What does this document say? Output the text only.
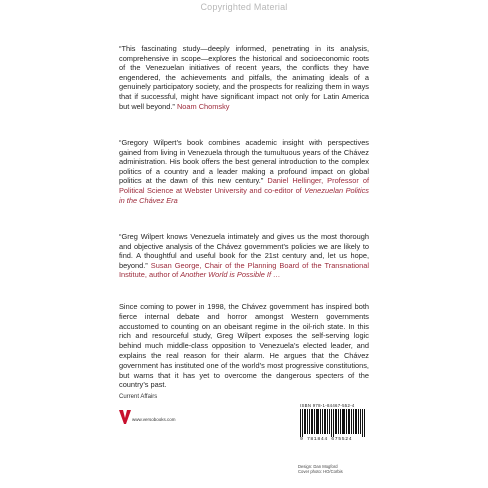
Copyrighted Material
“This fascinating study—deeply informed, penetrating in its analysis, comprehensive in scope—explores the historical and socioeconomic roots of the Venezuelan initiatives of recent years, the conflicts they have engendered, the achievements and pitfalls, the animating ideals of a genuinely participatory society, and the prospects for realizing them in ways that if successful, might have significant impact not only for Latin America but well beyond.” Noam Chomsky
“Gregory Wilpert’s book combines academic insight with perspectives gained from living in Venezuela through the tumultuous years of the Chávez administration. His book offers the best general introduction to the complex politics of a country and a leader making a profound impact on global politics at the dawn of this new century.” Daniel Hellinger, Professor of Political Science at Webster University and co-editor of Venezuelan Politics in the Chávez Era
“Greg Wilpert knows Venezuela intimately and gives us the most thorough and objective analysis of the Chávez government’s policies we are likely to find. A thoughtful and useful book for the 21st century and, let us hope, beyond.” Susan George, Chair of the Planning Board of the Transnational Institute, author of Another World is Possible If …
Since coming to power in 1998, the Chávez government has inspired both fierce internal debate and horror amongst Western governments accustomed to counting on an obeisant regime in the oil-rich state. In this rich and resourceful study, Greg Wilpert exposes the self-serving logic behind much middle-class opposition to Venezuela’s elected leader, and explains the real reason for their alarm. He argues that the Chávez government has instituted one of the world’s most progressive constitutions, but warns that it has yet to overcome the dangerous specters of the country’s past.
Current Affairs
www.versobooks.com
ISBN 978-1-84467-552-4
9 781844 675524
Design: Dan Mogford
Cover photo: HO/Corbis
